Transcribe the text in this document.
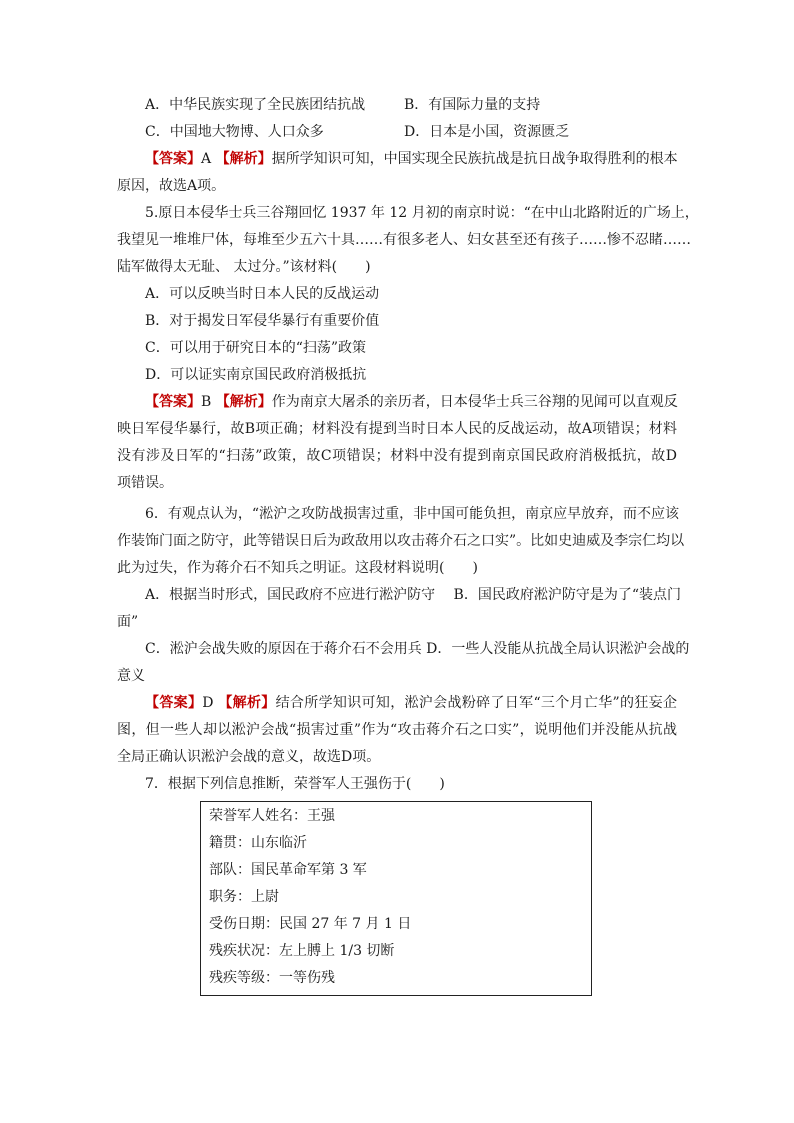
A．中华民族实现了全民族团结抗战	B．有国际力量的支持
C．中国地大物博、人口众多	D．日本是小国，资源匮乏
【答案】A 【解析】据所学知识可知，中国实现全民族抗战是抗日战争取得胜利的根本
原因，故选A项。
5.原日本侵华士兵三谷翔回忆 1937 年 12 月初的南京时说：“在中山北路附近的广场上，
我望见一堆堆尸体，每堆至少五六十具……有很多老人、妇女甚至还有孩子……惨不忍睹……
陆军做得太无耻、 太过分。”该材料(　　)
A．可以反映当时日本人民的反战运动
B．对于揭发日军侵华暴行有重要价值
C．可以用于研究日本的“扫荡”政策
D．可以证实南京国民政府消极抵抗
【答案】B 【解析】作为南京大屠杀的亲历者，日本侵华士兵三谷翔的见闻可以直观反
映日军侵华暴行，故B项正确；材料没有提到当时日本人民的反战运动，故A项错误；材料
没有涉及日军的“扫荡”政策，故C项错误；材料中没有提到南京国民政府消极抵抗，故D
项错误。
6．有观点认为，“淞沪之攻防战损害过重，非中国可能负担，南京应早放弃，而不应该
作装饰门面之防守，此等错误日后为政敌用以攻击蒋介石之口实”。比如史迪威及李宗仁均以
此为过失，作为蒋介石不知兵之明证。这段材料说明(　　)
A．根据当时形式，国民政府不应进行淞沪防守　 B．国民政府淞沪防守是为了“装点门
面”
C．淞沪会战失败的原因在于蒋介石不会用兵 D．一些人没能从抗战全局认识淞沪会战的
意义
【答案】D 【解析】结合所学知识可知，淞沪会战粉碎了日军“三个月亡华”的狂妄企
图，但一些人却以淞沪会战“损害过重”作为“攻击蒋介石之口实”，说明他们并没能从抗战
全局正确认识淞沪会战的意义，故选D项。
7．根据下列信息推断，荣誉军人王强伤于(　　)
荣誉军人姓名：王强
籍贯：山东临沂
部队：国民革命军第 3 军
职务：上尉
受伤日期：民国 27 年 7 月 1 日
残疾状况：左上膊上 1/3 切断
残疾等级：一等伤残
